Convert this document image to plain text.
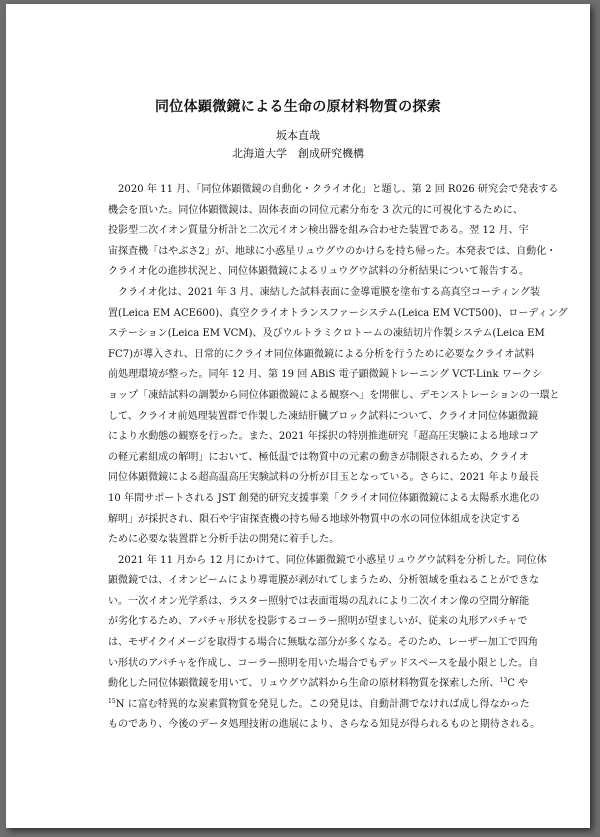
同位体顕微鏡による生命の原材料物質の探索
坂本直哉
北海道大学　創成研究機構
2020 年 11 月、「同位体顕微鏡の自動化・クライオ化」と題し、第 2 回 R026 研究会で発表する
機会を頂いた。同位体顕微鏡は、固体表面の同位元素分布を 3 次元的に可視化するために、
投影型二次イオン質量分析計と二次元イオン検出器を組み合わせた装置である。翌 12 月、宇
宙探査機「はやぶさ2」が、地球に小惑星リュウグウのかけらを持ち帰った。本発表では、自動化・
クライオ化の進捗状況と、同位体顕微鏡によるリュウグウ試料の分析結果について報告する。
クライオ化は、2021 年 3 月、凍結した試料表面に金導電膜を塗布する高真空コーティング装
置(Leica EM ACE600)、真空クライオトランスファーシステム(Leica EM VCT500)、ローディング
ステーション(Leica EM VCM)、及びウルトラミクロトームの凍結切片作製システム(Leica EM
FC7)が導入され、日常的にクライオ同位体顕微鏡による分析を行うために必要なクライオ試料
前処理環境が整った。同年 12 月、第 19 回 ABiS 電子顕微鏡トレーニング VCT-Link ワークシ
ョップ「凍結試料の調製から同位体顕微鏡による観察へ」を開催し、デモンストレーションの一環と
して、クライオ前処理装置群で作製した凍結肝臓ブロック試料について、クライオ同位体顕微鏡
により水動態の観察を行った。また、2021 年採択の特別推進研究「超高圧実験による地球コア
の軽元素組成の解明」において、極低温では物質中の元素の動きが制限されるため、クライオ
同位体顕微鏡による超高温高圧実験試料の分析が目玉となっている。さらに、2021 年より最長
10 年間サポートされる JST 創発的研究支援事業「クライオ同位体顕微鏡による太陽系水進化の
解明」が採択され、隕石や宇宙探査機の持ち帰る地球外物質中の水の同位体組成を決定する
ために必要な装置群と分析手法の開発に着手した。
2021 年 11 月から 12 月にかけて、同位体顕微鏡で小惑星リュウグウ試料を分析した。同位体
顕微鏡では、イオンビームにより導電膜が剥がれてしまうため、分析領域を重ねることができな
い。一次イオン光学系は、ラスター照射では表面電場の乱れにより二次イオン像の空間分解能
が劣化するため、アパチャ形状を投影するコーラー照明が望ましいが、従来の丸形アパチャで
は、モザイクイメージを取得する場合に無駄な部分が多くなる。そのため、レーザー加工で四角
い形状のアパチャを作成し、コーラー照明を用いた場合でもデッドスペースを最小限とした。自
動化した同位体顕微鏡を用いて、リュウグウ試料から生命の原材料物質を探索した所、$^{13}$C や
$^{15}$N に富む特異的な炭素質物質を発見した。この発見は、自動計測でなければ成し得なかった
ものであり、今後のデータ処理技術の進展により、さらなる知見が得られるものと期待される。
